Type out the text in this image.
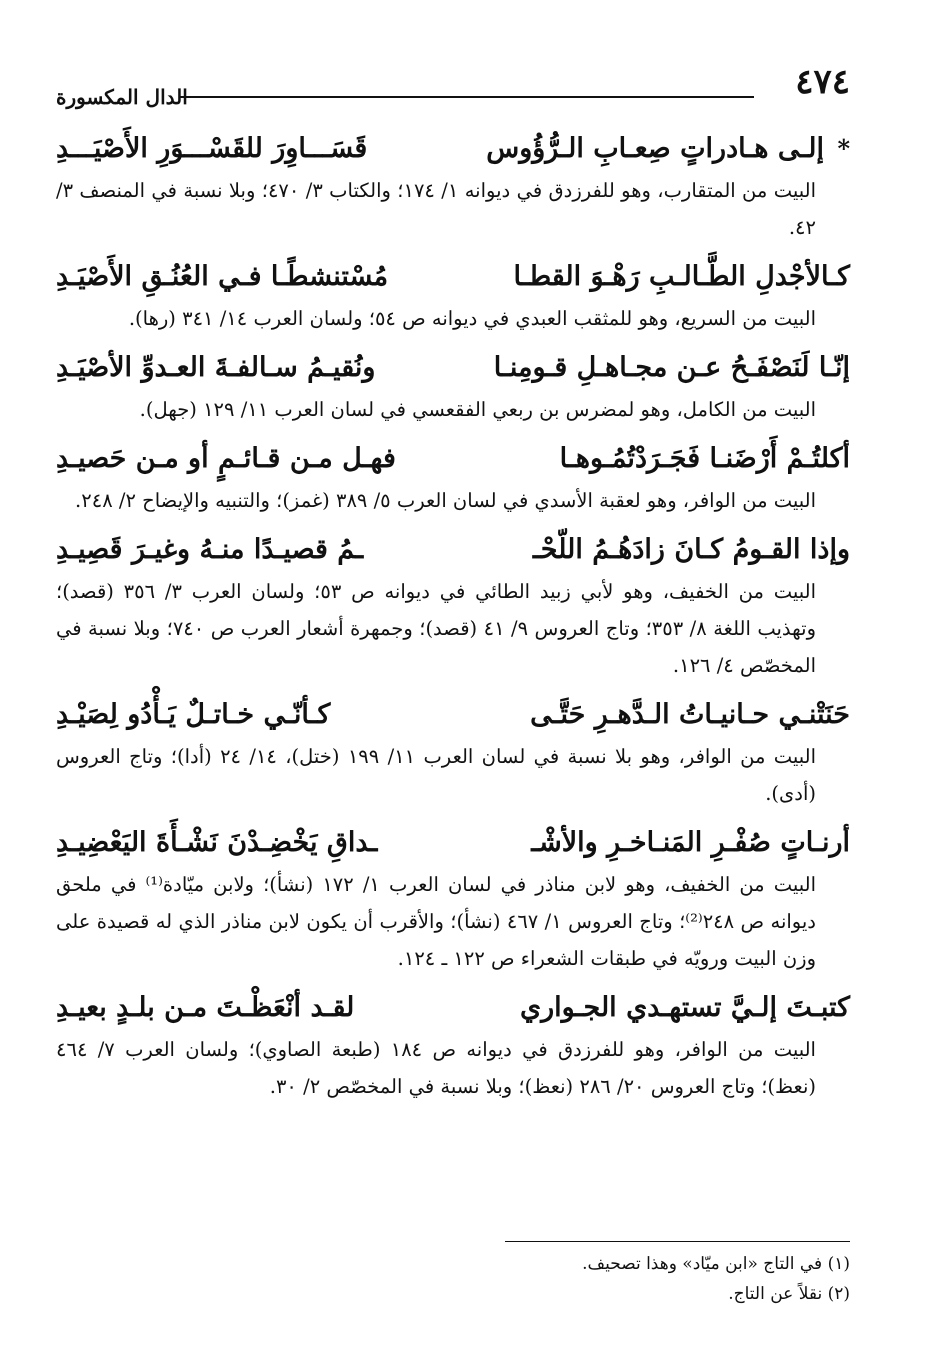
٤٧٤
الدال المكسورة
* إلـى هـادراتٍ صِعـابِ الـرُّؤُوس
قَسَـــاوِرَ للقَسْـــوَرِ الأَصْيَـــدِ
البيت من المتقارب، وهو للفرزدق في ديوانه ١/ ١٧٤؛ والكتاب ٣/ ٤٧٠؛ وبلا نسبة في المنصف ٣/ ٤٢.
كـالأجْدلِ الطَّـالـبِ رَهْـوَ القطـا
مُسْتنشطًـا فـي العُنُـقِ الأَصْيَـدِ
البيت من السريع، وهو للمثقب العبدي في ديوانه ص ٥٤؛ ولسان العرب ١٤/ ٣٤١ (رها).
إنّـا لَنَصْفَـحُ عـن مجـاهـلِ قـومِنـا
ونُقيـمُ سـالفـةَ العـدوِّ الأصْيَـدِ
البيت من الكامل، وهو لمضرس بن ربعي الفقعسي في لسان العرب ١١/ ١٢٩ (جهل).
أكلتُـمْ أَرْضَنـا فَجَـرَدْتُمُـوهـا
فهـل مـن قـائـمٍ أو مـن حَصيـدِ
البيت من الوافر، وهو لعقبة الأسدي في لسان العرب ٥/ ٣٨٩ (غمز)؛ والتنبيه والإيضاح ٢/ ٢٤٨.
وإذا القـومُ كـانَ زادَهُـمُ اللّحْـ
ـمُ قصيـدًا منـهُ وغيـرَ قَصِيـدِ
البيت من الخفيف، وهو لأبي زبيد الطائي في ديوانه ص ٥٣؛ ولسان العرب ٣/ ٣٥٦ (قصد)؛ وتهذيب اللغة ٨/ ٣٥٣؛ وتاج العروس ٩/ ٤١ (قصد)؛ وجمهرة أشعار العرب ص ٧٤٠؛ وبلا نسبة في المخصّص ٤/ ١٢٦.
حَنَتْنـي حـانيـاتُ الـدَّهـرِ حَتَّـى
كـأنّـي خـاتـلٌ يَـأْدُو لِصَيْـدِ
البيت من الوافر، وهو بلا نسبة في لسان العرب ١١/ ١٩٩ (ختل)، ١٤/ ٢٤ (أدا)؛ وتاج العروس (أدى).
أرنـاتٍ صُفْـرِ المَنـاخـرِ والأشْـ
ـداقِ يَخْضِـدْنَ نَشْـأَةَ اليَعْضِيـدِ
البيت من الخفيف، وهو لابن مناذر في لسان العرب ١/ ١٧٢ (نشأ)؛ ولابن ميّادة⁽¹⁾ في ملحق ديوانه ص ٢٤٨⁽²⁾؛ وتاج العروس ١/ ٤٦٧ (نشأ)؛ والأقرب أن يكون لابن مناذر الذي له قصيدة على وزن البيت ورويّه في طبقات الشعراء ص ١٢٢ ـ ١٢٤.
كتبـتَ إلـيَّ تستهـدي الجـواري
لقـد أنْعَظْـتَ مـن بلـدٍ بعيـدِ
البيت من الوافر، وهو للفرزدق في ديوانه ص ١٨٤ (طبعة الصاوي)؛ ولسان العرب ٧/ ٤٦٤ (نعظ)؛ وتاج العروس ٢٠/ ٢٨٦ (نعظ)؛ وبلا نسبة في المخصّص ٢/ ٣٠.
(١) في التاج «ابن ميّاد» وهذا تصحيف.
(٢) نقلاً عن التاج.
